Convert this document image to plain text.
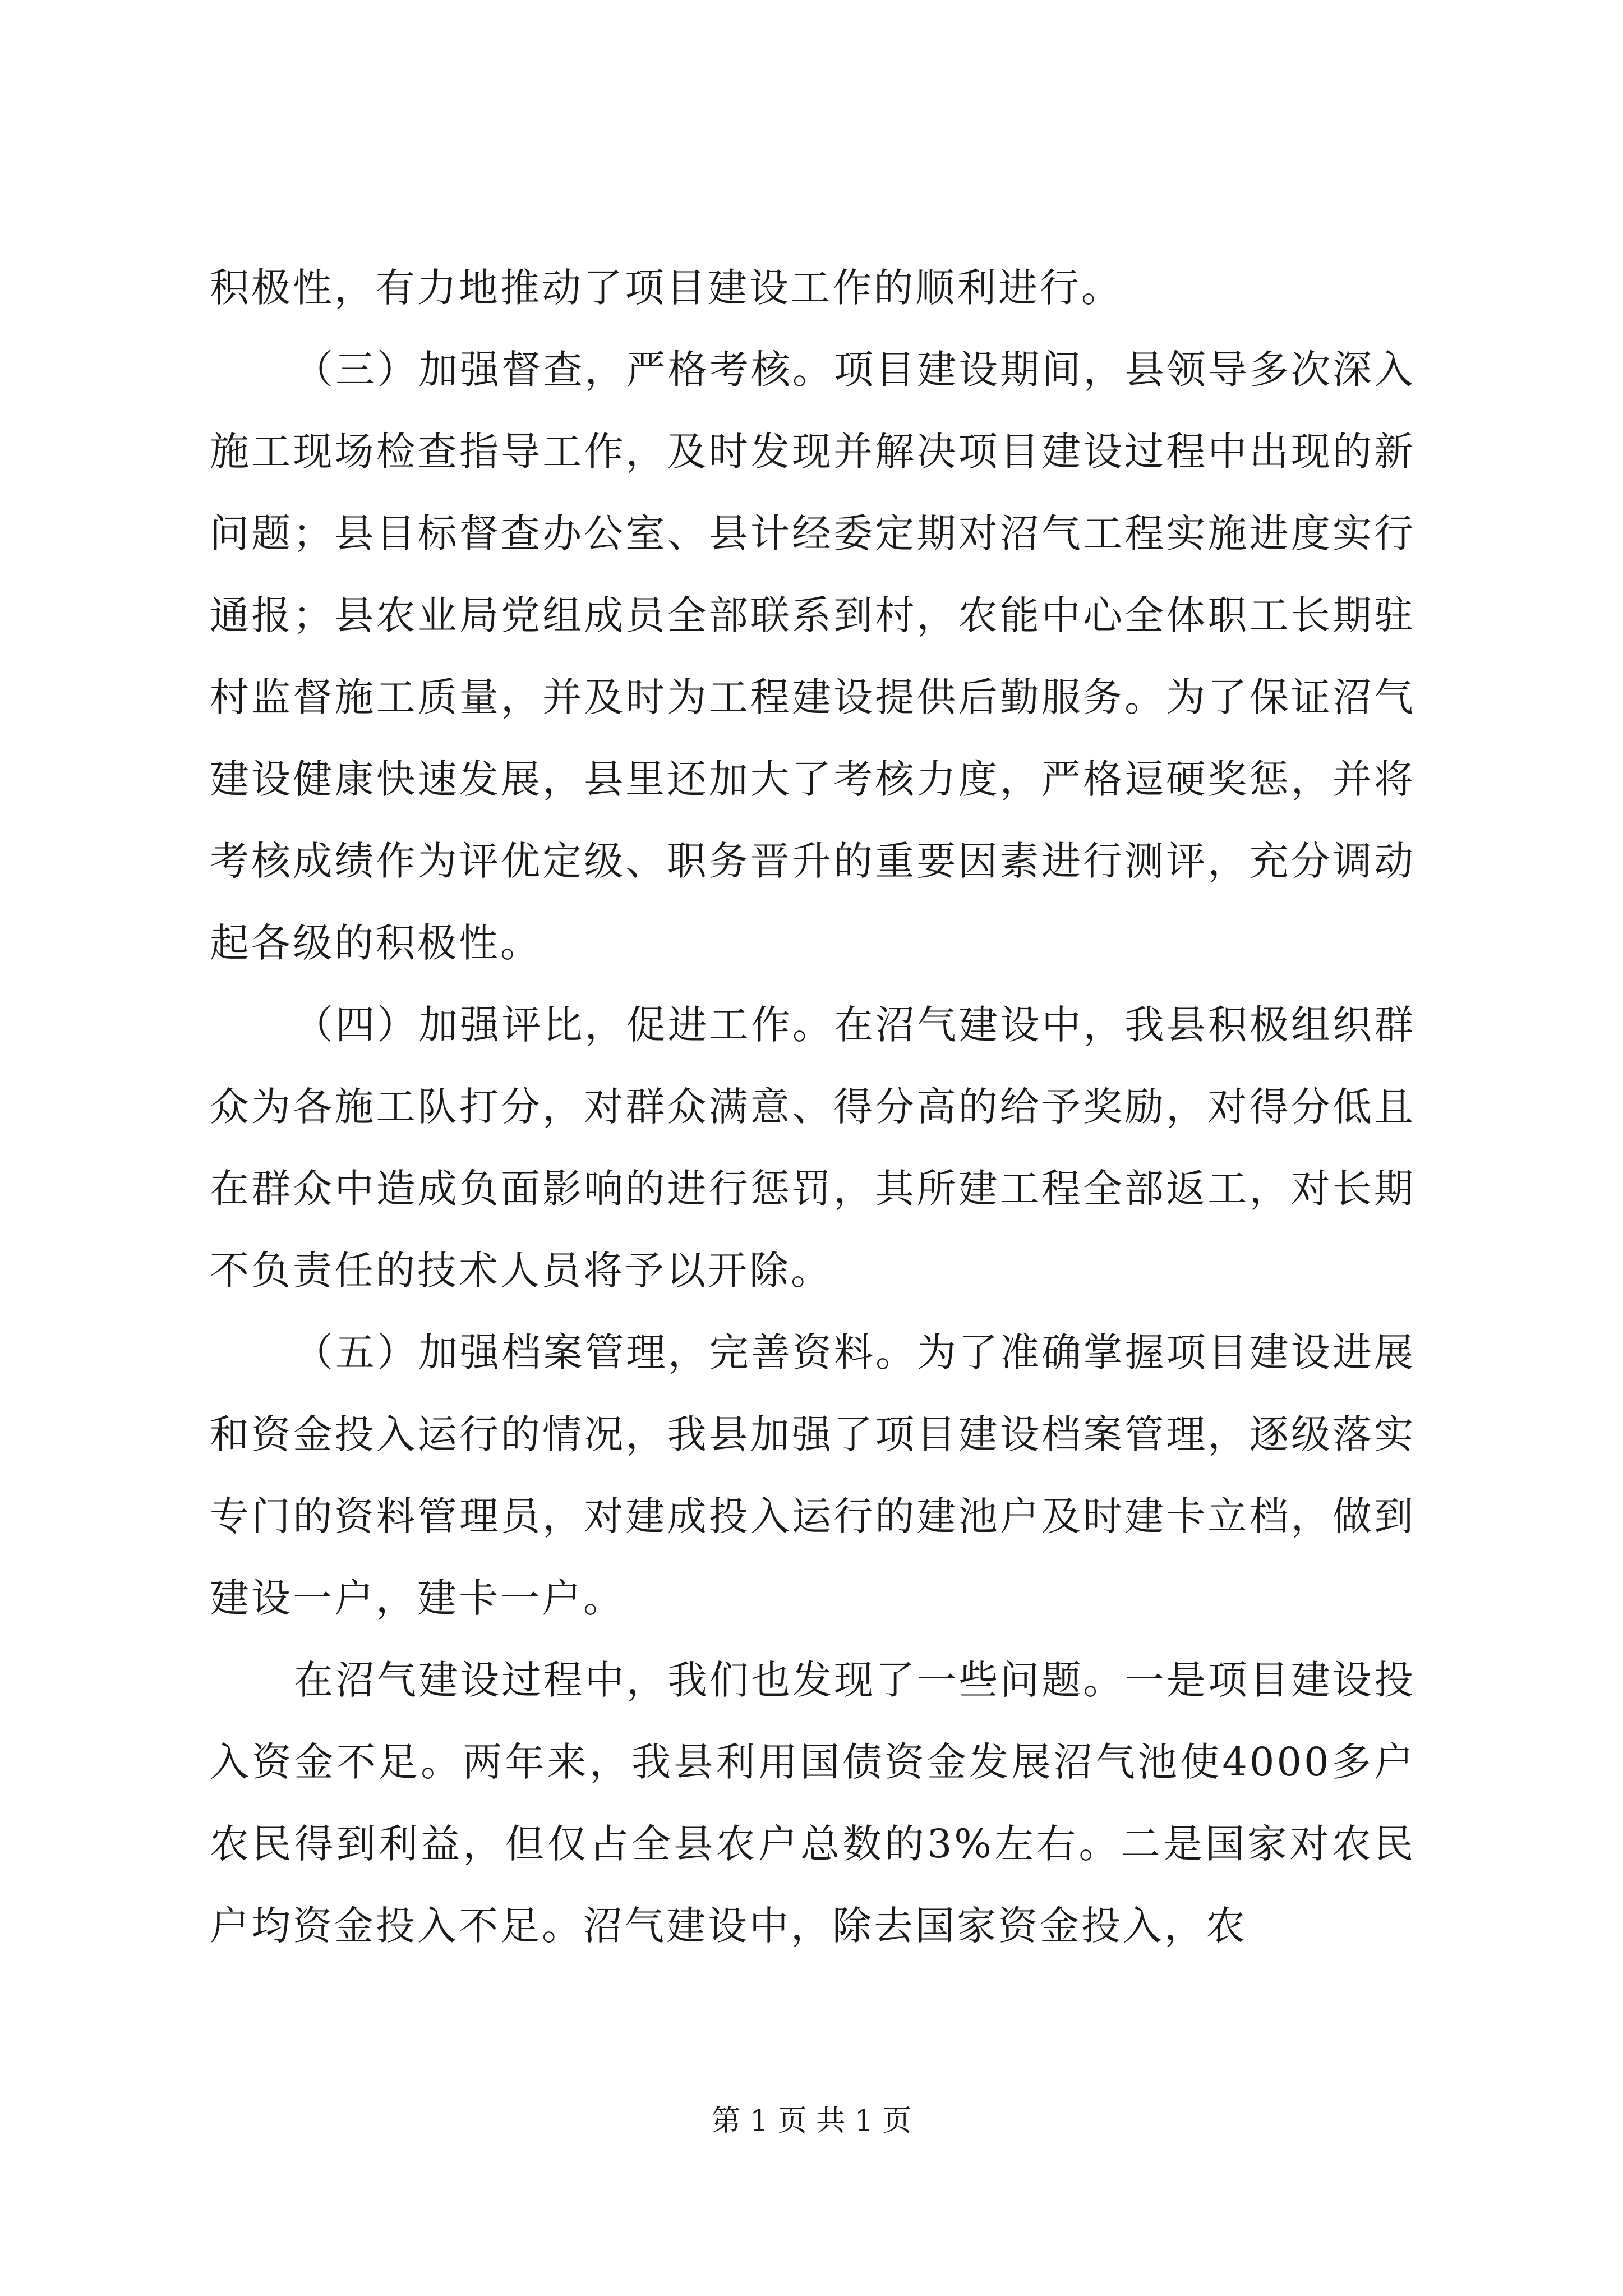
积极性，有力地推动了项目建设工作的顺利进行。

（三）加强督查，严格考核。项目建设期间，县领导多次深入施工现场检查指导工作，及时发现并解决项目建设过程中出现的新问题；县目标督查办公室、县计经委定期对沼气工程实施进度实行通报；县农业局党组成员全部联系到村，农能中心全体职工长期驻村监督施工质量，并及时为工程建设提供后勤服务。为了保证沼气建设健康快速发展，县里还加大了考核力度，严格逗硬奖惩，并将考核成绩作为评优定级、职务晋升的重要因素进行测评，充分调动起各级的积极性。

（四）加强评比，促进工作。在沼气建设中，我县积极组织群众为各施工队打分，对群众满意、得分高的给予奖励，对得分低且在群众中造成负面影响的进行惩罚，其所建工程全部返工，对长期不负责任的技术人员将予以开除。

（五）加强档案管理，完善资料。为了准确掌握项目建设进展和资金投入运行的情况，我县加强了项目建设档案管理，逐级落实专门的资料管理员，对建成投入运行的建池户及时建卡立档，做到建设一户，建卡一户。

在沼气建设过程中，我们也发现了一些问题。一是项目建设投入资金不足。两年来，我县利用国债资金发展沼气池使4000多户农民得到利益，但仅占全县农户总数的3%左右。二是国家对农民户均资金投入不足。沼气建设中，除去国家资金投入，农

第 1 页 共 1 页
